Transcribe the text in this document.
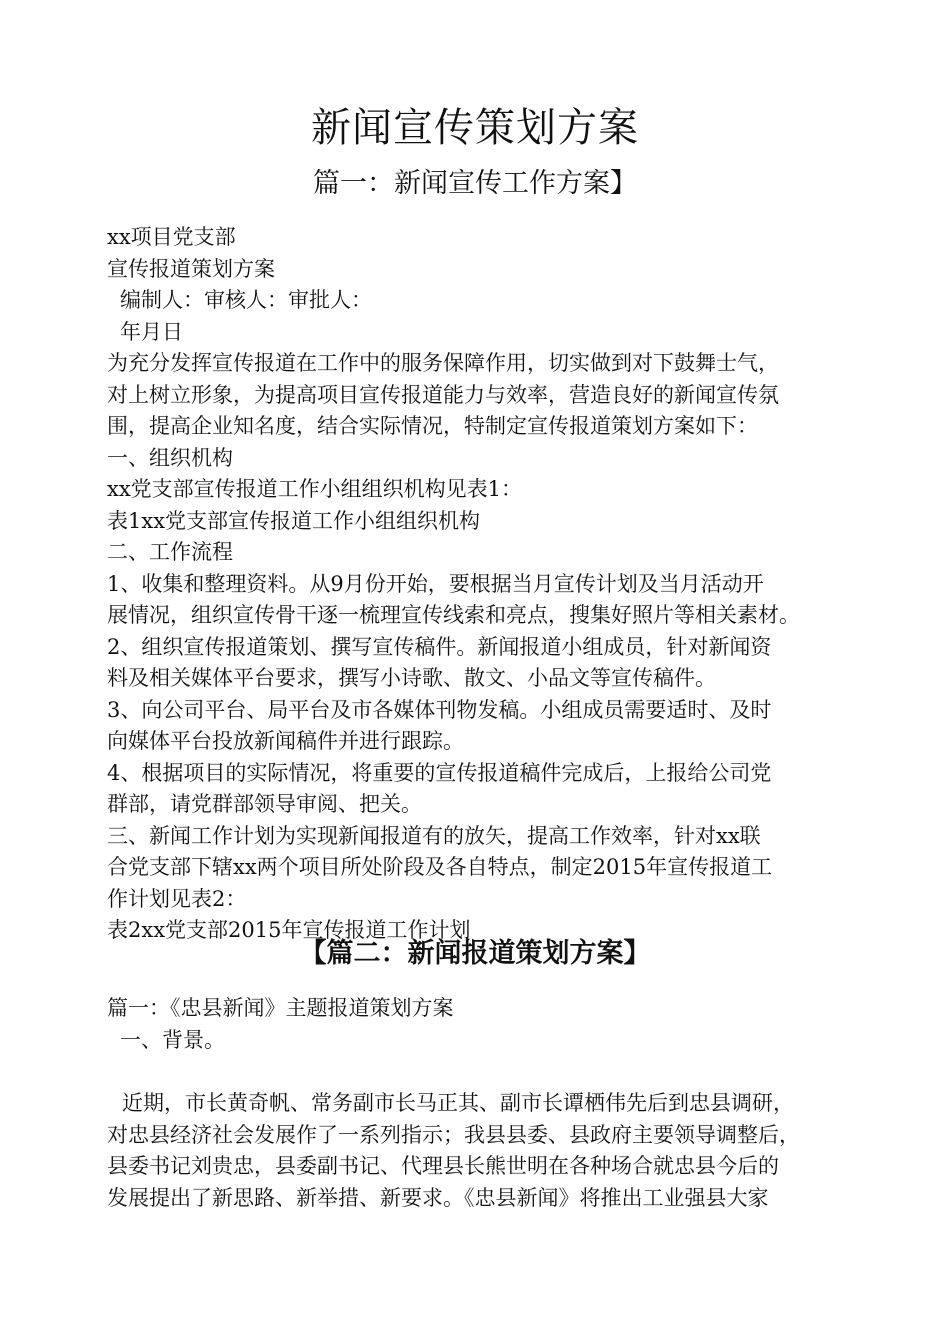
新闻宣传策划方案
篇一：新闻宣传工作方案】

xx项目党支部

宣传报道策划方案

编制人：审核人：审批人：

年月日

为充分发挥宣传报道在工作中的服务保障作用，切实做到对下鼓舞士气，

对上树立形象，为提高项目宣传报道能力与效率，营造良好的新闻宣传氛

围，提高企业知名度，结合实际情况，特制定宣传报道策划方案如下：

一、组织机构

xx党支部宣传报道工作小组组织机构见表1：

表1xx党支部宣传报道工作小组组织机构

二、工作流程

1、收集和整理资料。从9月份开始，要根据当月宣传计划及当月活动开

展情况，组织宣传骨干逐一梳理宣传线索和亮点，搜集好照片等相关素材。

2、组织宣传报道策划、撰写宣传稿件。新闻报道小组成员，针对新闻资

料及相关媒体平台要求，撰写小诗歌、散文、小品文等宣传稿件。

3、向公司平台、局平台及市各媒体刊物发稿。小组成员需要适时、及时

向媒体平台投放新闻稿件并进行跟踪。

4、根据项目的实际情况，将重要的宣传报道稿件完成后，上报给公司党

群部，请党群部领导审阅、把关。

三、新闻工作计划为实现新闻报道有的放矢，提高工作效率，针对xx联

合党支部下辖xx两个项目所处阶段及各自特点，制定2015年宣传报道工

作计划见表2：

表2xx党支部2015年宣传报道工作计划

【篇二：新闻报道策划方案】

篇一：《忠县新闻》主题报道策划方案

一、背景。

近期，市长黄奇帆、常务副市长马正其、副市长谭栖伟先后到忠县调研，

对忠县经济社会发展作了一系列指示；我县县委、县政府主要领导调整后，

县委书记刘贵忠，县委副书记、代理县长熊世明在各种场合就忠县今后的

发展提出了新思路、新举措、新要求。《忠县新闻》将推出工业强县大家
